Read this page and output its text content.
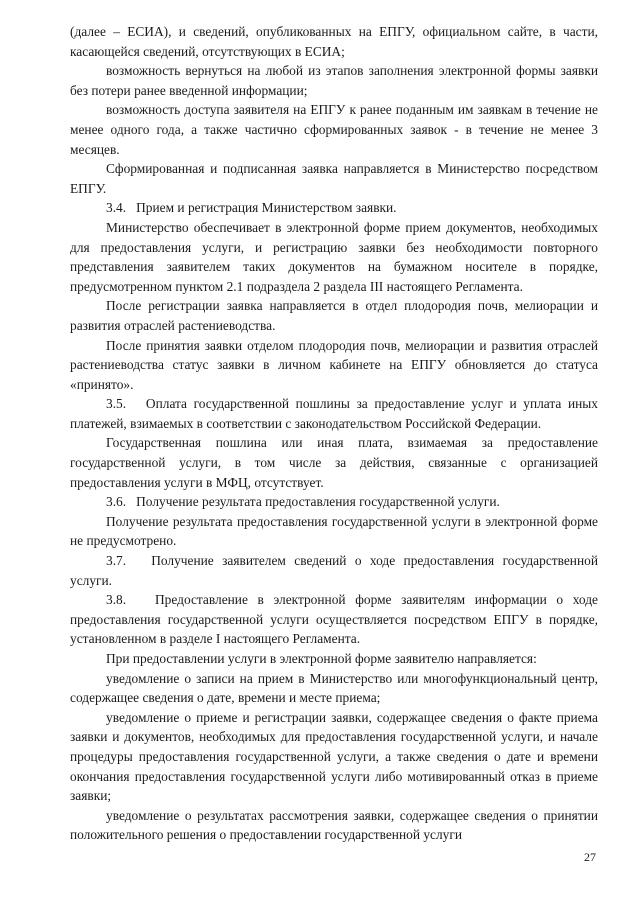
(далее – ЕСИА), и сведений, опубликованных на ЕПГУ, официальном сайте, в части, касающейся сведений, отсутствующих в ЕСИА;

возможность вернуться на любой из этапов заполнения электронной формы заявки без потери ранее введенной информации;

возможность доступа заявителя на ЕПГУ к ранее поданным им заявкам в течение не менее одного года, а также частично сформированных заявок - в течение не менее 3 месяцев.

Сформированная и подписанная заявка направляется в Министерство посредством ЕПГУ.

3.4.   Прием и регистрация Министерством заявки.

Министерство обеспечивает в электронной форме прием документов, необходимых для предоставления услуги, и регистрацию заявки без необходимости повторного представления заявителем таких документов на бумажном носителе в порядке, предусмотренном пунктом 2.1 подраздела 2 раздела III настоящего Регламента.

После регистрации заявка направляется в отдел плодородия почв, мелиорации и развития отраслей растениеводства.

После принятия заявки отделом плодородия почв, мелиорации и развития отраслей растениеводства статус заявки в личном кабинете на ЕПГУ обновляется до статуса «принято».

3.5.   Оплата государственной пошлины за предоставление услуг и уплата иных платежей, взимаемых в соответствии с законодательством Российской Федерации.

Государственная пошлина или иная плата, взимаемая за предоставление государственной услуги, в том числе за действия, связанные с организацией предоставления услуги в МФЦ, отсутствует.

3.6.   Получение результата предоставления государственной услуги.

Получение результата предоставления государственной услуги в электронной форме не предусмотрено.

3.7.   Получение заявителем сведений о ходе предоставления государственной услуги.

3.8.   Предоставление в электронной форме заявителям информации о ходе предоставления государственной услуги осуществляется посредством ЕПГУ в порядке, установленном в разделе I настоящего Регламента.

При предоставлении услуги в электронной форме заявителю направляется:

уведомление о записи на прием в Министерство или многофункциональный центр, содержащее сведения о дате, времени и месте приема;

уведомление о приеме и регистрации заявки, содержащее сведения о факте приема заявки и документов, необходимых для предоставления государственной услуги, и начале процедуры предоставления государственной услуги, а также сведения о дате и времени окончания предоставления государственной услуги либо мотивированный отказ в приеме заявки;

уведомление о результатах рассмотрения заявки, содержащее сведения о принятии положительного решения о предоставлении государственной услуги

27
